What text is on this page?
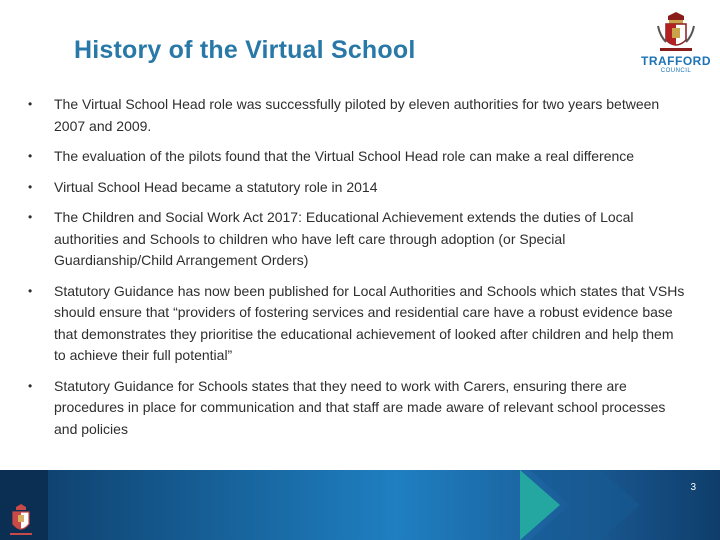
History of the Virtual School	TRAFFORD
COUNCIL
• The Virtual School Head role was successfully piloted by eleven authorities for two years between 2007 and 2009.
• The evaluation of the pilots found that the Virtual School Head role can make a real difference
• Virtual School Head became a statutory role in 2014
• The Children and Social Work Act 2017: Educational Achievement extends the duties of Local authorities and Schools to children who have left care through adoption (or Special Guardianship/Child Arrangement Orders)
• Statutory Guidance has now been published for Local Authorities and Schools which states that VSHs should ensure that “providers of fostering services and residential care have a robust evidence base that demonstrates they prioritise the educational achievement of looked after children and help them to achieve their full potential”
• Statutory Guidance for Schools states that they need to work with Carers, ensuring there are procedures in place for communication and that staff are made aware of relevant school processes and policies
3
